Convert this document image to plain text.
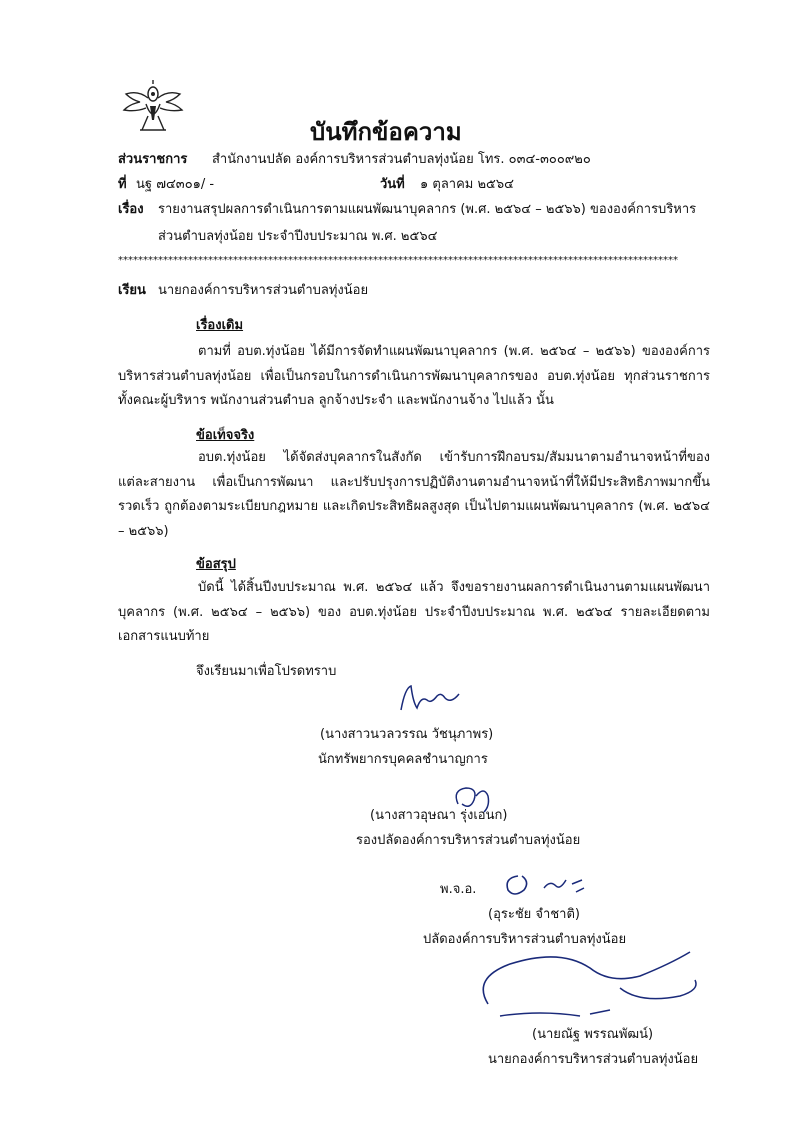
บันทึกข้อความ
ส่วนราชการ สำนักงานปลัด องค์การบริหารส่วนตำบลทุ่งน้อย โทร. ๐๓๔-๓๐๐๙๒๐
ที่ นฐ ๗๔๓๐๑/ -	วันที่ ๑ ตุลาคม ๒๕๖๔
เรื่อง รายงานสรุปผลการดำเนินการตามแผนพัฒนาบุคลากร (พ.ศ. ๒๕๖๔ – ๒๕๖๖) ขององค์การบริหาร
ส่วนตำบลทุ่งน้อย ประจำปีงบประมาณ พ.ศ. ๒๕๖๔
****************************************************************************************************************
เรียน นายกองค์การบริหารส่วนตำบลทุ่งน้อย
เรื่องเดิม
ตามที่ อบต.ทุ่งน้อย ได้มีการจัดทำแผนพัฒนาบุคลากร (พ.ศ. ๒๕๖๔ – ๒๕๖๖) ขององค์การบริหารส่วนตำบลทุ่งน้อย เพื่อเป็นกรอบในการดำเนินการพัฒนาบุคลากรของ อบต.ทุ่งน้อย ทุกส่วนราชการ ทั้งคณะผู้บริหาร พนักงานส่วนตำบล ลูกจ้างประจำ และพนักงานจ้าง ไปแล้ว นั้น
ข้อเท็จจริง
อบต.ทุ่งน้อย ได้จัดส่งบุคลากรในสังกัด เข้ารับการฝึกอบรม/สัมมนาตามอำนาจหน้าที่ของแต่ละสายงาน เพื่อเป็นการพัฒนา และปรับปรุงการปฏิบัติงานตามอำนาจหน้าที่ให้มีประสิทธิภาพมากขึ้น รวดเร็ว ถูกต้องตามระเบียบกฎหมาย และเกิดประสิทธิผลสูงสุด เป็นไปตามแผนพัฒนาบุคลากร (พ.ศ. ๒๕๖๔ – ๒๕๖๖)
ข้อสรุป
บัดนี้ ได้สิ้นปีงบประมาณ พ.ศ. ๒๕๖๔ แล้ว จึงขอรายงานผลการดำเนินงานตามแผนพัฒนาบุคลากร (พ.ศ. ๒๕๖๔ – ๒๕๖๖) ของ อบต.ทุ่งน้อย ประจำปีงบประมาณ พ.ศ. ๒๕๖๔ รายละเอียดตามเอกสารแนบท้าย
จึงเรียนมาเพื่อโปรดทราบ
(นางสาวนวลวรรณ วัชนุภาพร)
นักทรัพยากรบุคคลชำนาญการ
(นางสาวอุษณา รุ่งเอนก)
รองปลัดองค์การบริหารส่วนตำบลทุ่งน้อย
พ.จ.อ.
(อุระชัย จำชาติ)
ปลัดองค์การบริหารส่วนตำบลทุ่งน้อย
(นายณัฐ พรรณพัฒน์)
นายกองค์การบริหารส่วนตำบลทุ่งน้อย
